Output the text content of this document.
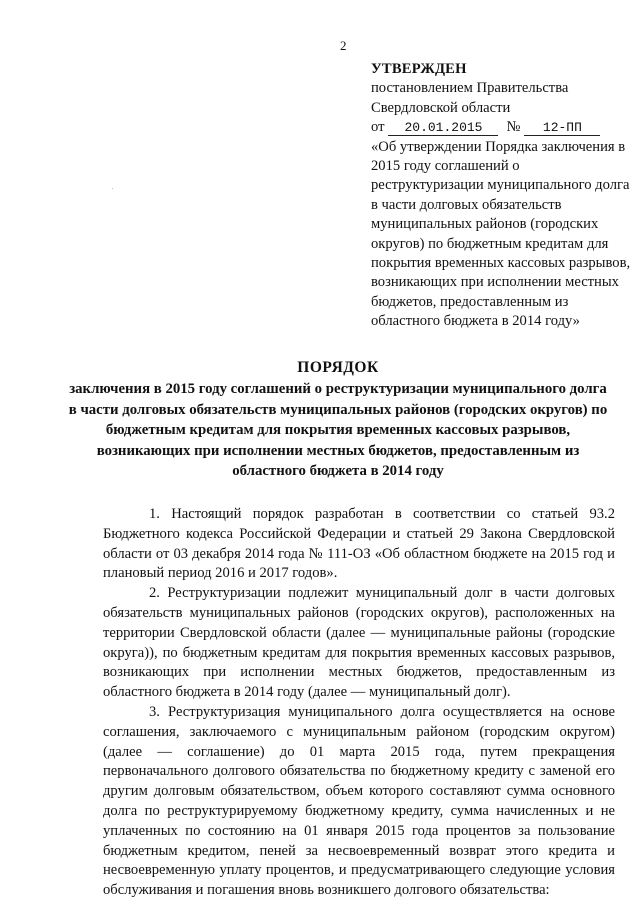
2
УТВЕРЖДЕН

постановлением Правительства

Свердловской области

от 20.01.2015 № 12-ПП

«Об утверждении Порядка заключения в 2015 году соглашений о реструктуризации муниципального долга в части долговых обязательств муниципальных районов (городских округов) по бюджетным кредитам для покрытия временных кассовых разрывов, возникающих при исполнении местных бюджетов, предоставленным из областного бюджета в 2014 году»

ПОРЯДОК
заключения в 2015 году соглашений о реструктуризации муниципального долга в части долговых обязательств муниципальных районов (городских округов) по бюджетным кредитам для покрытия временных кассовых разрывов, возникающих при исполнении местных бюджетов, предоставленным из областного бюджета в 2014 году

1. Настоящий порядок разработан в соответствии со статьей 93.2 Бюджетного кодекса Российской Федерации и статьей 29 Закона Свердловской области от 03 декабря 2014 года № 111-ОЗ «Об областном бюджете на 2015 год и плановый период 2016 и 2017 годов».

2. Реструктуризации подлежит муниципальный долг в части долговых обязательств муниципальных районов (городских округов), расположенных на территории Свердловской области (далее — муниципальные районы (городские округа)), по бюджетным кредитам для покрытия временных кассовых разрывов, возникающих при исполнении местных бюджетов, предоставленным из областного бюджета в 2014 году (далее — муниципальный долг).

3. Реструктуризация муниципального долга осуществляется на основе соглашения, заключаемого с муниципальным районом (городским округом) (далее — соглашение) до 01 марта 2015 года, путем прекращения первоначального долгового обязательства по бюджетному кредиту с заменой его другим долговым обязательством, объем которого составляют сумма основного долга по реструктурируемому бюджетному кредиту, сумма начисленных и не уплаченных по состоянию на 01 января 2015 года процентов за пользование бюджетным кредитом, пеней за несвоевременный возврат этого кредита и несвоевременную уплату процентов, и предусматривающего следующие условия обслуживания и погашения вновь возникшего долгового обязательства:
